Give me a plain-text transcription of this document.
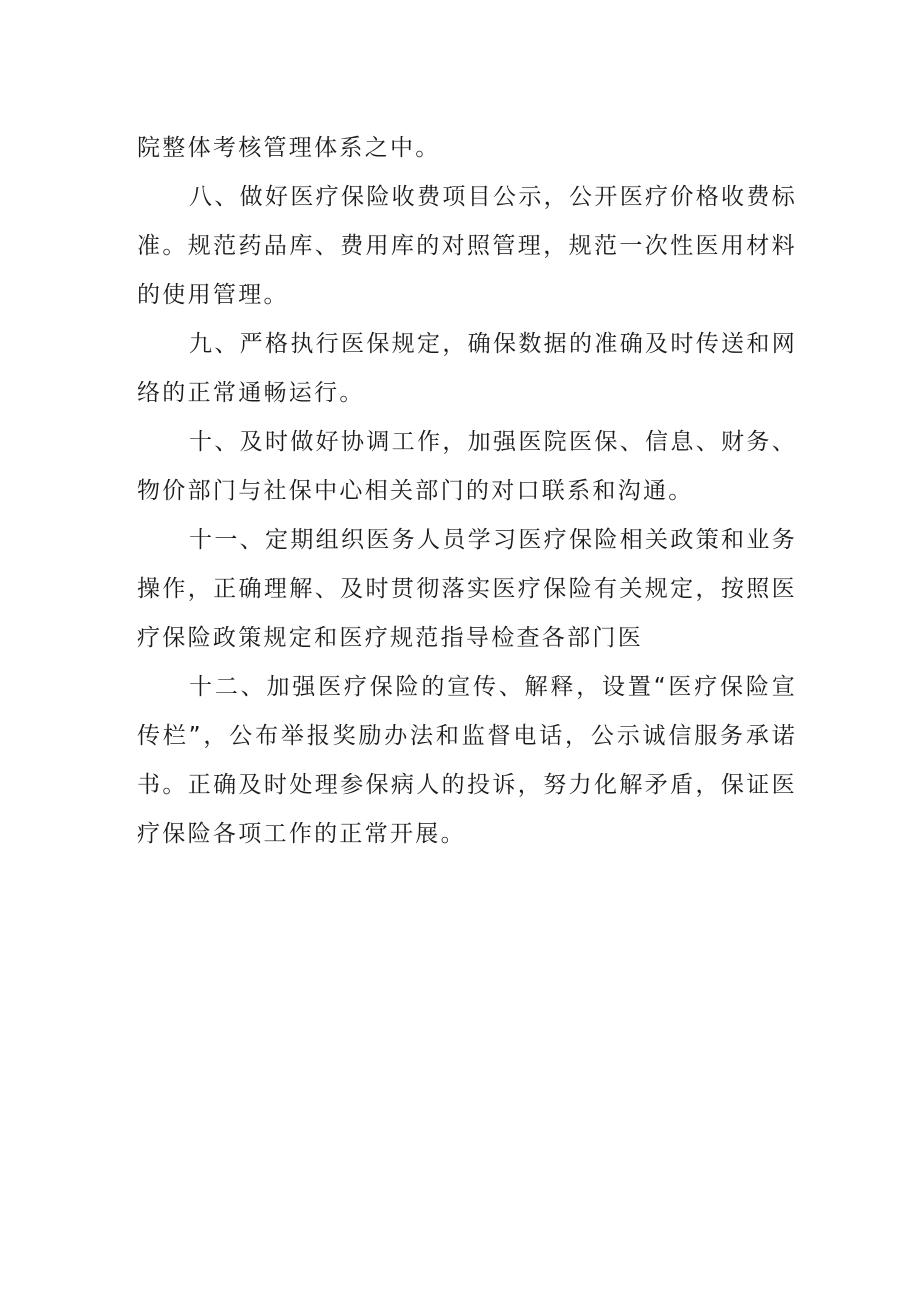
院整体考核管理体系之中。

八、做好医疗保险收费项目公示，公开医疗价格收费标准。规范药品库、费用库的对照管理，规范一次性医用材料的使用管理。

九、严格执行医保规定，确保数据的准确及时传送和网络的正常通畅运行。

十、及时做好协调工作，加强医院医保、信息、财务、物价部门与社保中心相关部门的对口联系和沟通。

十一、定期组织医务人员学习医疗保险相关政策和业务操作，正确理解、及时贯彻落实医疗保险有关规定，按照医疗保险政策规定和医疗规范指导检查各部门医

十二、加强医疗保险的宣传、解释，设置“医疗保险宣传栏”，公布举报奖励办法和监督电话，公示诚信服务承诺书。正确及时处理参保病人的投诉，努力化解矛盾，保证医疗保险各项工作的正常开展。
